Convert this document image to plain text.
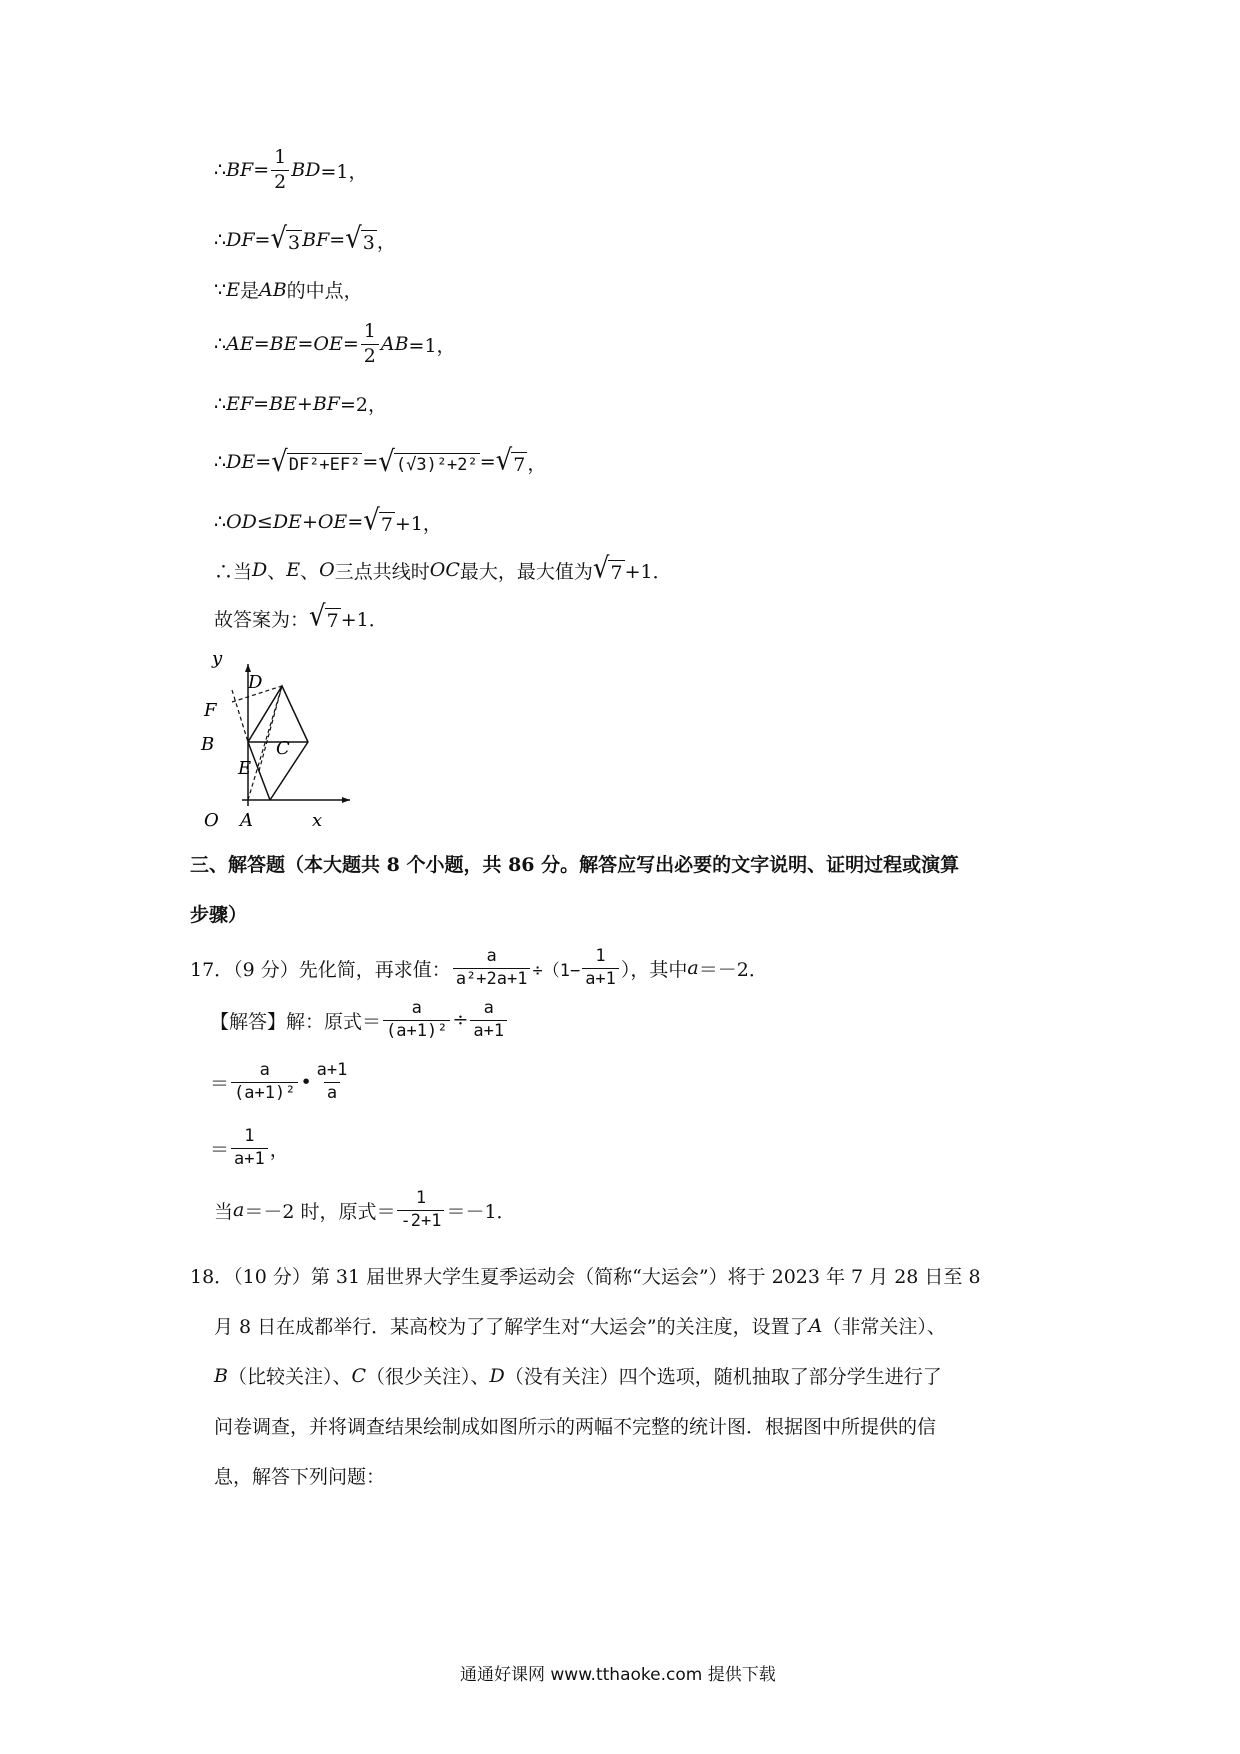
∴ BF = $\frac{1}{2}$ BD =1，
∴ DF = √ 3 BF = √ 3 ，
∵ E 是 AB 的中点，
∴ AE = BE = OE = $\frac{1}{2}$ AB =1，
∴ EF = BE + BF =2，
∴ DE = √ DF²+EF² = √ (√3)²+2² = √ 7 ，
∴ OD ≤ DE + OE = √ 7 +1，
∴当 D 、 E 、 O 三点共线时 OC 最大，最大值为 √ 7 +1．
故答案为： √ 7 +1．
y
x
O A
B	C
D
E
F
三、解答题（本大题共 8 个小题，共 86 分。解答应写出必要的文字说明、证明过程或演算
步骤）
17．（9 分）先化简，再求值： $\frac{a}{\text{a²+2a+1}} \div(1- \frac{1}{a+1}$ ），其中 a ＝－2．
【解答】解：原式＝ $\frac{a}{\text{(a+1)²}} \div \frac{a}{a+1}$
＝ $\frac{a}{\text{(a+1)²}}$ • $\frac{a+1}{a}$
＝ $\frac{1}{a+1}$ ，
当 a ＝－2 时，原式＝ $\frac{1}{-2+1} =-1$．
18．（10 分）第 31 届世界大学生夏季运动会（简称“大运会”）将于 2023 年 7 月 28 日至 8
月 8 日在成都举行．某高校为了了解学生对“大运会”的关注度，设置了 A （非常关注）、
B （比较关注）、 C （很少关注）、 D （没有关注）四个选项，随机抽取了部分学生进行了
问卷调查，并将调查结果绘制成如图所示的两幅不完整的统计图．根据图中所提供的信
息，解答下列问题：
通通好课网 www.tthaoke.com 提供下载
